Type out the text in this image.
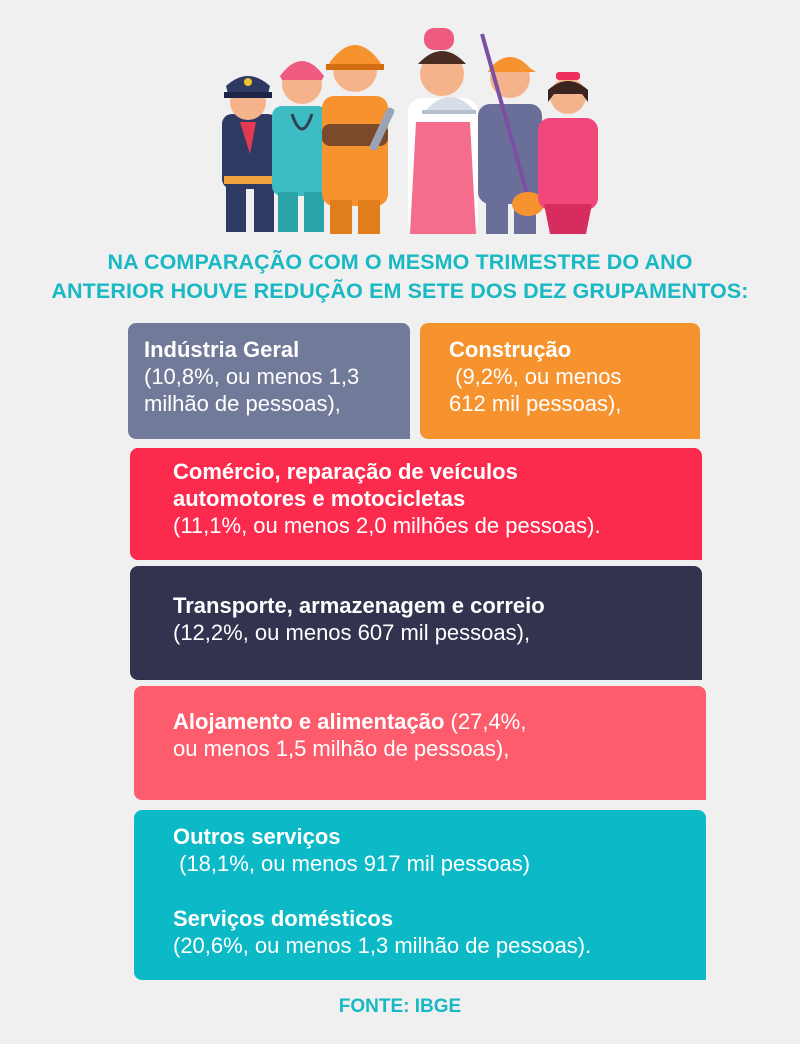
NA COMPARAÇÃO COM O MESMO TRIMESTRE DO ANO
ANTERIOR HOUVE REDUÇÃO EM SETE DOS DEZ GRUPAMENTOS:
Indústria Geral
(10,8%, ou menos 1,3
milhão de pessoas),
Construção
(9,2%, ou menos
612 mil pessoas),
Comércio, reparação de veículos
automotores e motocicletas
(11,1%, ou menos 2,0 milhões de pessoas).
Transporte, armazenagem e correio
(12,2%, ou menos 607 mil pessoas),
Alojamento e alimentação (27,4%,
ou menos 1,5 milhão de pessoas),
Outros serviços
(18,1%, ou menos 917 mil pessoas)
Serviços domésticos
(20,6%, ou menos 1,3 milhão de pessoas).
FONTE: IBGE
